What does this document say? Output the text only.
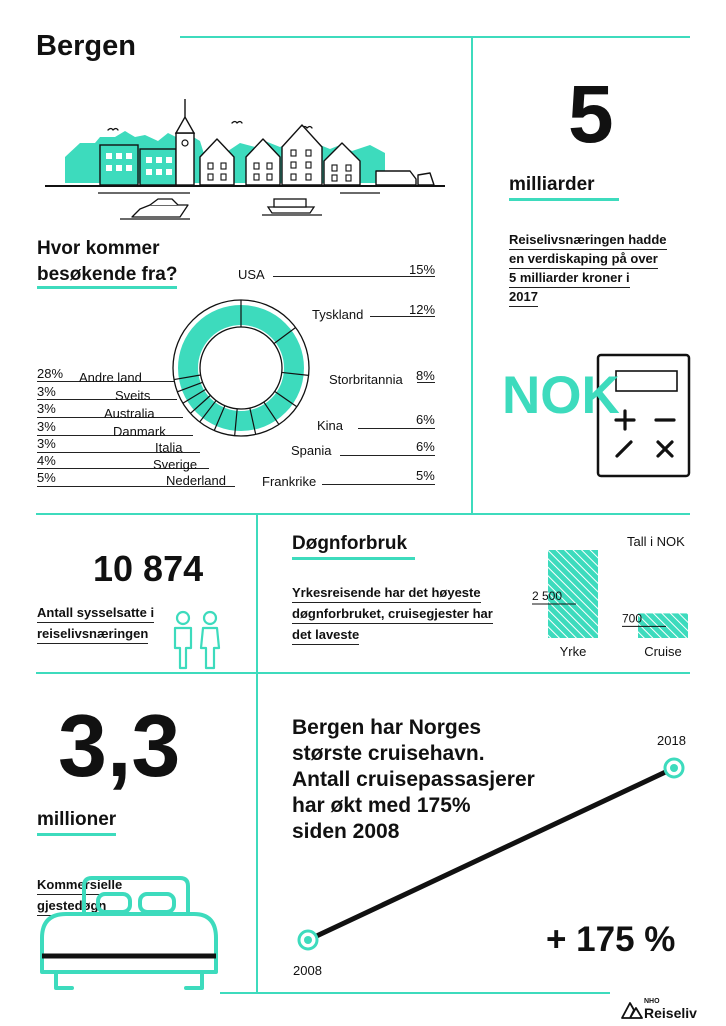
Bergen
Hvor kommer
besøkende fra?	USA	15%
Tyskland	12%
Storbritannia 8%
Kina	6%
Spania	6%
Frankrike	5%
28% Andre land
3%	Sveits
3%	Australia
3%	Danmark
3%	Italia
4%	Sverige
5%	Nederland
5
milliarder
Reiselivsnæringen hadde
en verdiskaping på over
5 milliarder kroner i
2017
NOK
10 874
Antall sysselsatte i
reiselivsnæringen
Døgnforbruk	Tall i NOK
Yrkesreisende har det høyeste
døgnforbruket, cruisegjester har
det laveste
2 500
Yrke
700
Cruise
3,3
millioner
Kommersielle
gjestedøgn
Bergen har Norges
største cruisehavn.
Antall cruisepassasjerer
har økt med 175%
siden 2008
2008
2018
+ 175 %
NHO
Reiseliv
